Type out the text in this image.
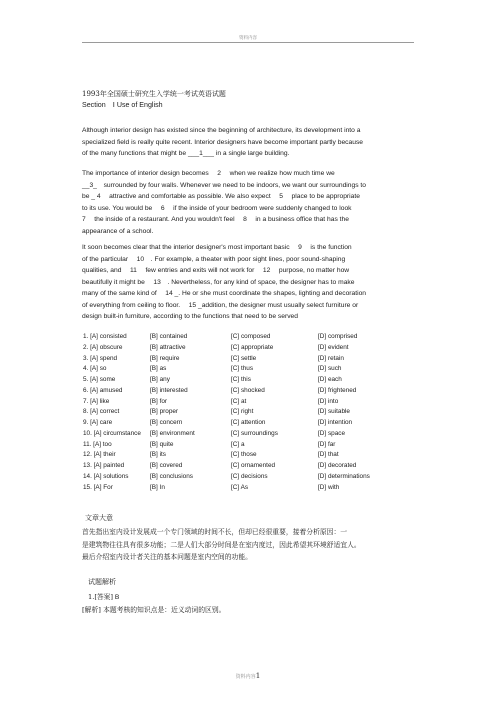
资料内容
1993年全国硕士研究生入学统一考试英语试题
Section　Ⅰ Use of English
Although interior design has existed since the beginning of architecture, its development into a
specialized field is really quite recent. Interior designers have become important partly because
of the many functions that might be ___1___ in a single large building.
The importance of interior design becomes 　2　 when we realize how much time we
__3_　surrounded by four walls. Whenever we need to be indoors, we want our surroundings to
be _ 4 　attractive and comfortable as possible. We also expect　 5 　place to be appropriate
to its use. You would be　 6 　if the inside of your bedroom were suddenly changed to look
7 　the inside of a restaurant. And you wouldn't feel　 8 　in a business office that has the
appearance of a school.
It soon becomes clear that the interior designer's most important basic　 9 　is the function
of the particular　 10　. For example, a theater with poor sight lines, poor sound-shaping
qualities, and　 11 　few entries and exits will not work for　 12 　purpose, no matter how
beautifully it might be　 13　. Nevertheless, for any kind of space, the designer has to make
many of the same kind of　 14 _. He or she must coordinate the shapes, lighting and decoration
of everything from ceiling to floor.　 15 _addition, the designer must usually select furniture or
design built-in furniture, according to the functions that need to be served
1. [A] consisted	[B] contained	[C] composed	[D] comprised
2. [A] obscure	[B] attractive	[C] appropriate	[D] evident
3. [A] spend	[B] require	[C] settle	[D] retain
4. [A] so	[B] as	[C] thus	[D] such
5. [A] some	[B] any	[C] this	[D] each
6. [A] amused	[B] interested	[C] shocked	[D] frightened
7. [A] like	[B] for	[C] at	[D] into
8. [A] correct	[B] proper	[C] right	[D] suitable
9. [A] care	[B] concern	[C] attention	[D] intention
10. [A] circumstance [B] environment	[C] surroundings	[D] space
11. [A] too	[B] quite	[C] a	[D] far
12. [A] their	[B] its	[C] those	[D] that
13. [A] painted	[B] covered	[C] ornamented	[D] decorated
14. [A] solutions	[B] conclusions	[C] decisions	[D] determinations
15. [A] For	[B] In	[C] As	[D] with
文章大意
首先指出室内设计发展成一个专门领域的时间不长，但却已经很重要，接着分析原因：一
是建筑物往往具有很多功能；二是人们大部分时间是在室内度过，因此希望其环境舒适宜人。
最后介绍室内设计者关注的基本问题是室内空间的功能。
试题解析
1.[答案] B
[解析] 本题考核的知识点是：近义动词的区别。
资料内容1
